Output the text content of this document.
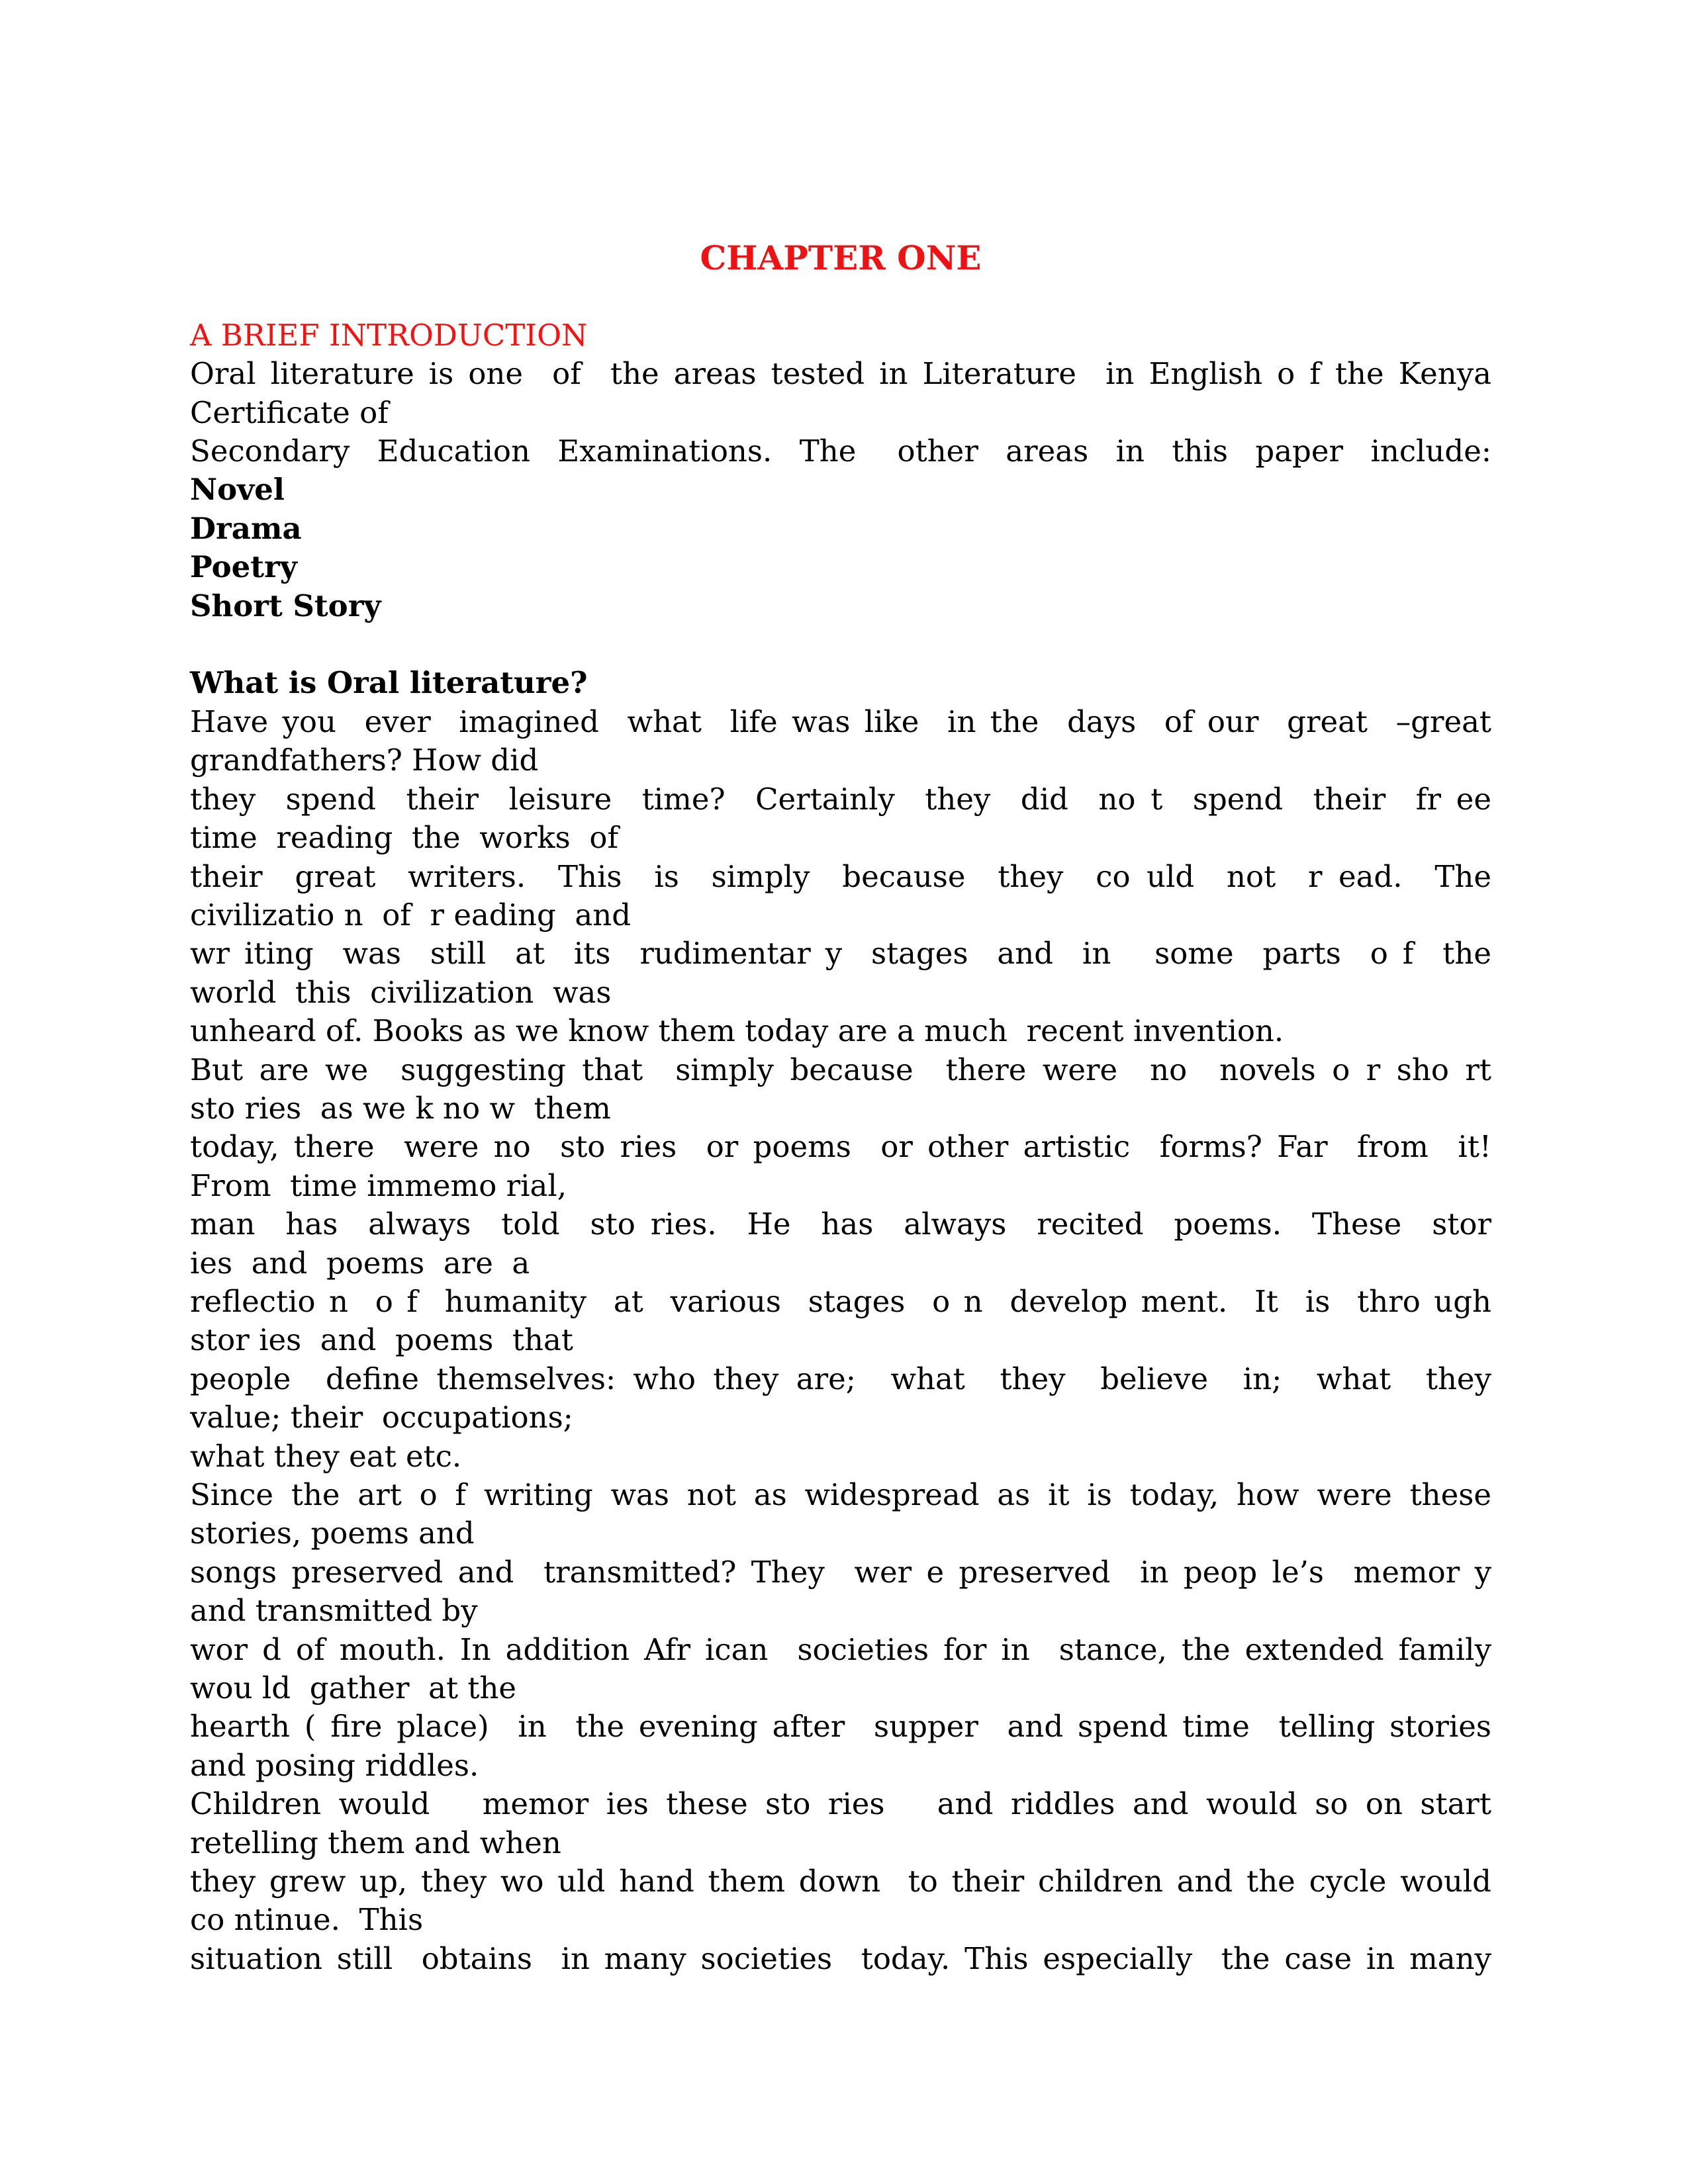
CHAPTER ONE

A BRIEF INTRODUCTION
Oral literature is one  of  the areas tested in Literature  in English o f the Kenya
Certificate of
Secondary  Education  Examinations.  The   other  areas  in  this  paper  include:
Novel
Drama
Poetry
Short Story

What is Oral literature?
Have you  ever  imagined  what  life was like  in the  days  of our  great  –great
grandfathers? How did
they  spend  their  leisure  time?  Certainly  they  did  no t  spend  their  fr ee
time  reading  the  works  of
their  great  writers.  This  is  simply  because  they  co uld  not  r ead.  The
civilizatio n  of  r eading  and
wr iting  was  still  at  its  rudimentar y  stages  and  in   some  parts  o f  the
world  this  civilization  was
unheard of. Books as we know them today are a much  recent invention.
But are we  suggesting that  simply because  there were  no  novels o r sho rt
sto ries  as we k no w  them
today, there  were no  sto ries  or poems  or other artistic  forms? Far  from  it!
From  time immemo rial,
man  has  always  told  sto ries.  He  has  always  recited  poems.  These  stor
ies  and  poems  are  a
reflectio n  o f  humanity  at  various  stages  o n  develop ment.  It  is  thro ugh
stor ies  and  poems  that
people  define themselves: who they are;  what  they  believe  in;  what  they
value; their  occupations;
what they eat etc.
Since the art o f writing was not as widespread as it is today, how were these
stories, poems and
songs preserved and  transmitted? They  wer e preserved  in peop le’s  memor y
and transmitted by
wor d of mouth. In addition Afr ican  societies for in  stance, the extended family
wou ld  gather  at the
hearth ( fire place)  in  the evening after  supper  and spend time  telling stories
and posing riddles.
Children would   memor ies these sto ries   and riddles and would so on start
retelling them and when
they grew up, they wo uld hand them down  to their children and the cycle would
co ntinue.  This
situation still  obtains  in many societies  today. This especially  the case in many
